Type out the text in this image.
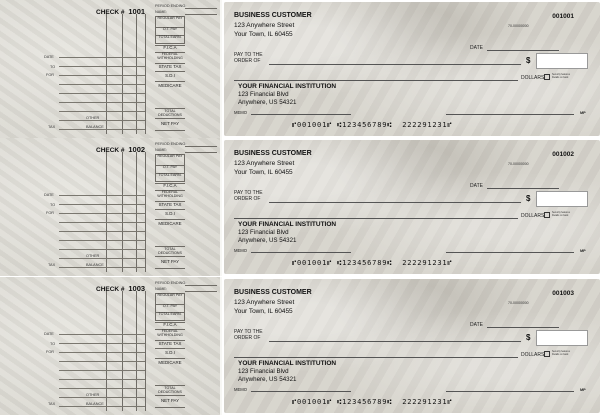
CHECK # 1001
DATE
TO
FOR
OTHER
BALANCE
TAX
PERIOD ENDING:
NAME:
REGULAR PAY
O.T. PAY
TOTAL EARN.
F.I.C.A
FEDERAL WITHHOLDING
STATE TAX
S.D.I
MEDICARE
TOTAL DEDUCTIONS
NET PAY
BUSINESS CUSTOMER
123 Anywhere Street
Your Town, IL 60455
001001
70-00000000
DATE
PAY TO THE
ORDER OF	$
DOLLARS
Security features
Details on back
YOUR FINANCIAL INSTITUTION
123 Financial Blvd
Anywhere, US 54321
MEMO	MP
⑈001001⑈ ⑆123456789⑆  222291231⑈
CHECK # 1002
DATE
TO
FOR
OTHER
BALANCE
TAX
PERIOD ENDING:
NAME:
REGULAR PAY
O.T. PAY
TOTAL EARN.
F.I.C.A
FEDERAL WITHHOLDING
STATE TAX
S.D.I
MEDICARE
TOTAL DEDUCTIONS
NET PAY
BUSINESS CUSTOMER
123 Anywhere Street
Your Town, IL 60455
001002
70-00000000
DATE
PAY TO THE
ORDER OF	$
DOLLARS
Security features
Details on back
YOUR FINANCIAL INSTITUTION
123 Financial Blvd
Anywhere, US 54321
MEMO	MP
⑈001001⑈ ⑆123456789⑆  222291231⑈
CHECK # 1003
DATE
TO
FOR
OTHER
BALANCE
TAX
PERIOD ENDING:
NAME:
REGULAR PAY
O.T. PAY
TOTAL EARN.
F.I.C.A
FEDERAL WITHHOLDING
STATE TAX
S.D.I
MEDICARE
TOTAL DEDUCTIONS
NET PAY
BUSINESS CUSTOMER
123 Anywhere Street
Your Town, IL 60455
001003
70-00000000
DATE
PAY TO THE
ORDER OF	$
DOLLARS
Security features
Details on back
YOUR FINANCIAL INSTITUTION
123 Financial Blvd
Anywhere, US 54321
MEMO	MP
⑈001001⑈ ⑆123456789⑆  222291231⑈
